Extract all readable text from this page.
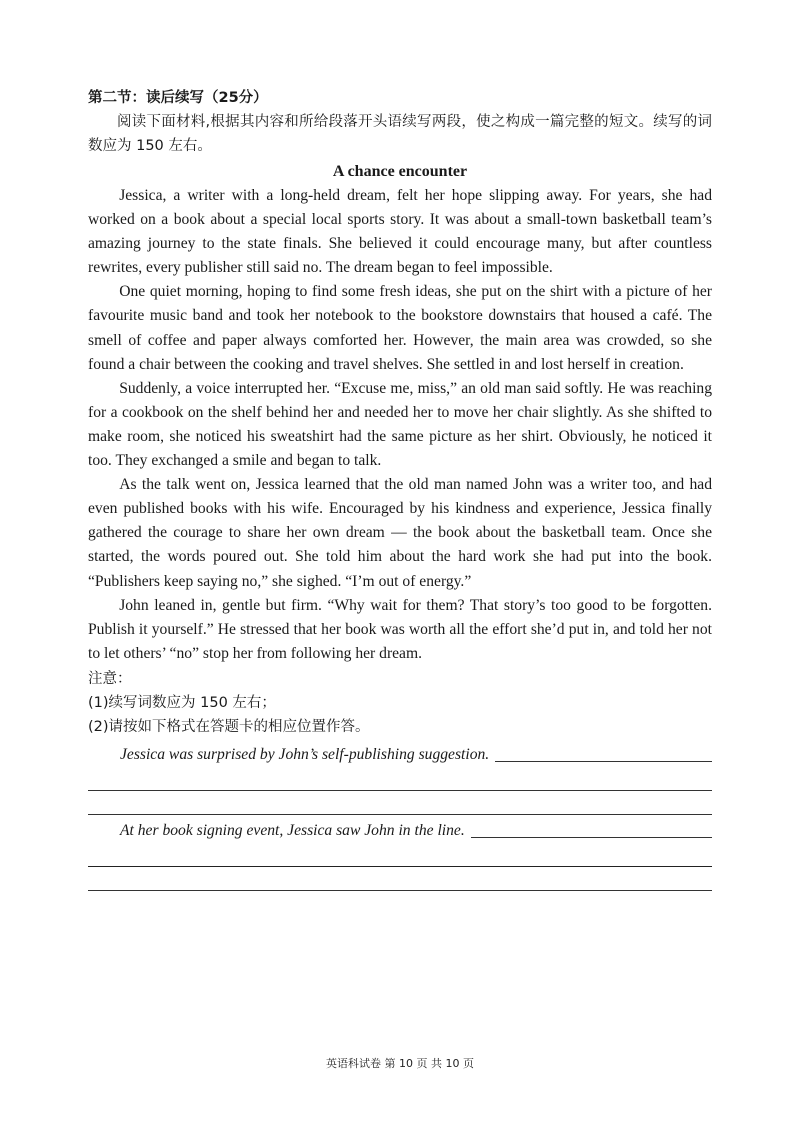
第二节：读后续写（25分）

阅读下面材料,根据其内容和所给段落开头语续写两段，使之构成一篇完整的短文。续写的词数应为 150 左右。

A chance encounter

Jessica, a writer with a long-held dream, felt her hope slipping away. For years, she had worked on a book about a special local sports story. It was about a small-town basketball team’s amazing journey to the state finals. She believed it could encourage many, but after countless rewrites, every publisher still said no. The dream began to feel impossible.

One quiet morning, hoping to find some fresh ideas, she put on the shirt with a picture of her favourite music band and took her notebook to the bookstore downstairs that housed a café. The smell of coffee and paper always comforted her. However, the main area was crowded, so she found a chair between the cooking and travel shelves. She settled in and lost herself in creation.

Suddenly, a voice interrupted her. “Excuse me, miss,” an old man said softly. He was reaching for a cookbook on the shelf behind her and needed her to move her chair slightly. As she shifted to make room, she noticed his sweatshirt had the same picture as her shirt. Obviously, he noticed it too. They exchanged a smile and began to talk.

As the talk went on, Jessica learned that the old man named John was a writer too, and had even published books with his wife. Encouraged by his kindness and experience, Jessica finally gathered the courage to share her own dream — the book about the basketball team. Once she started, the words poured out. She told him about the hard work she had put into the book. “Publishers keep saying no,” she sighed. “I’m out of energy.”

John leaned in, gentle but firm. “Why wait for them? That story’s too good to be forgotten. Publish it yourself.” He stressed that her book was worth all the effort she’d put in, and told her not to let others’ “no” stop her from following her dream.

注意：

(1)续写词数应为 150 左右；

(2)请按如下格式在答题卡的相应位置作答。

Jessica was surprised by John’s self-publishing suggestion.
At her book signing event, Jessica saw John in the line.
英语科试卷 第 10 页 共 10 页
